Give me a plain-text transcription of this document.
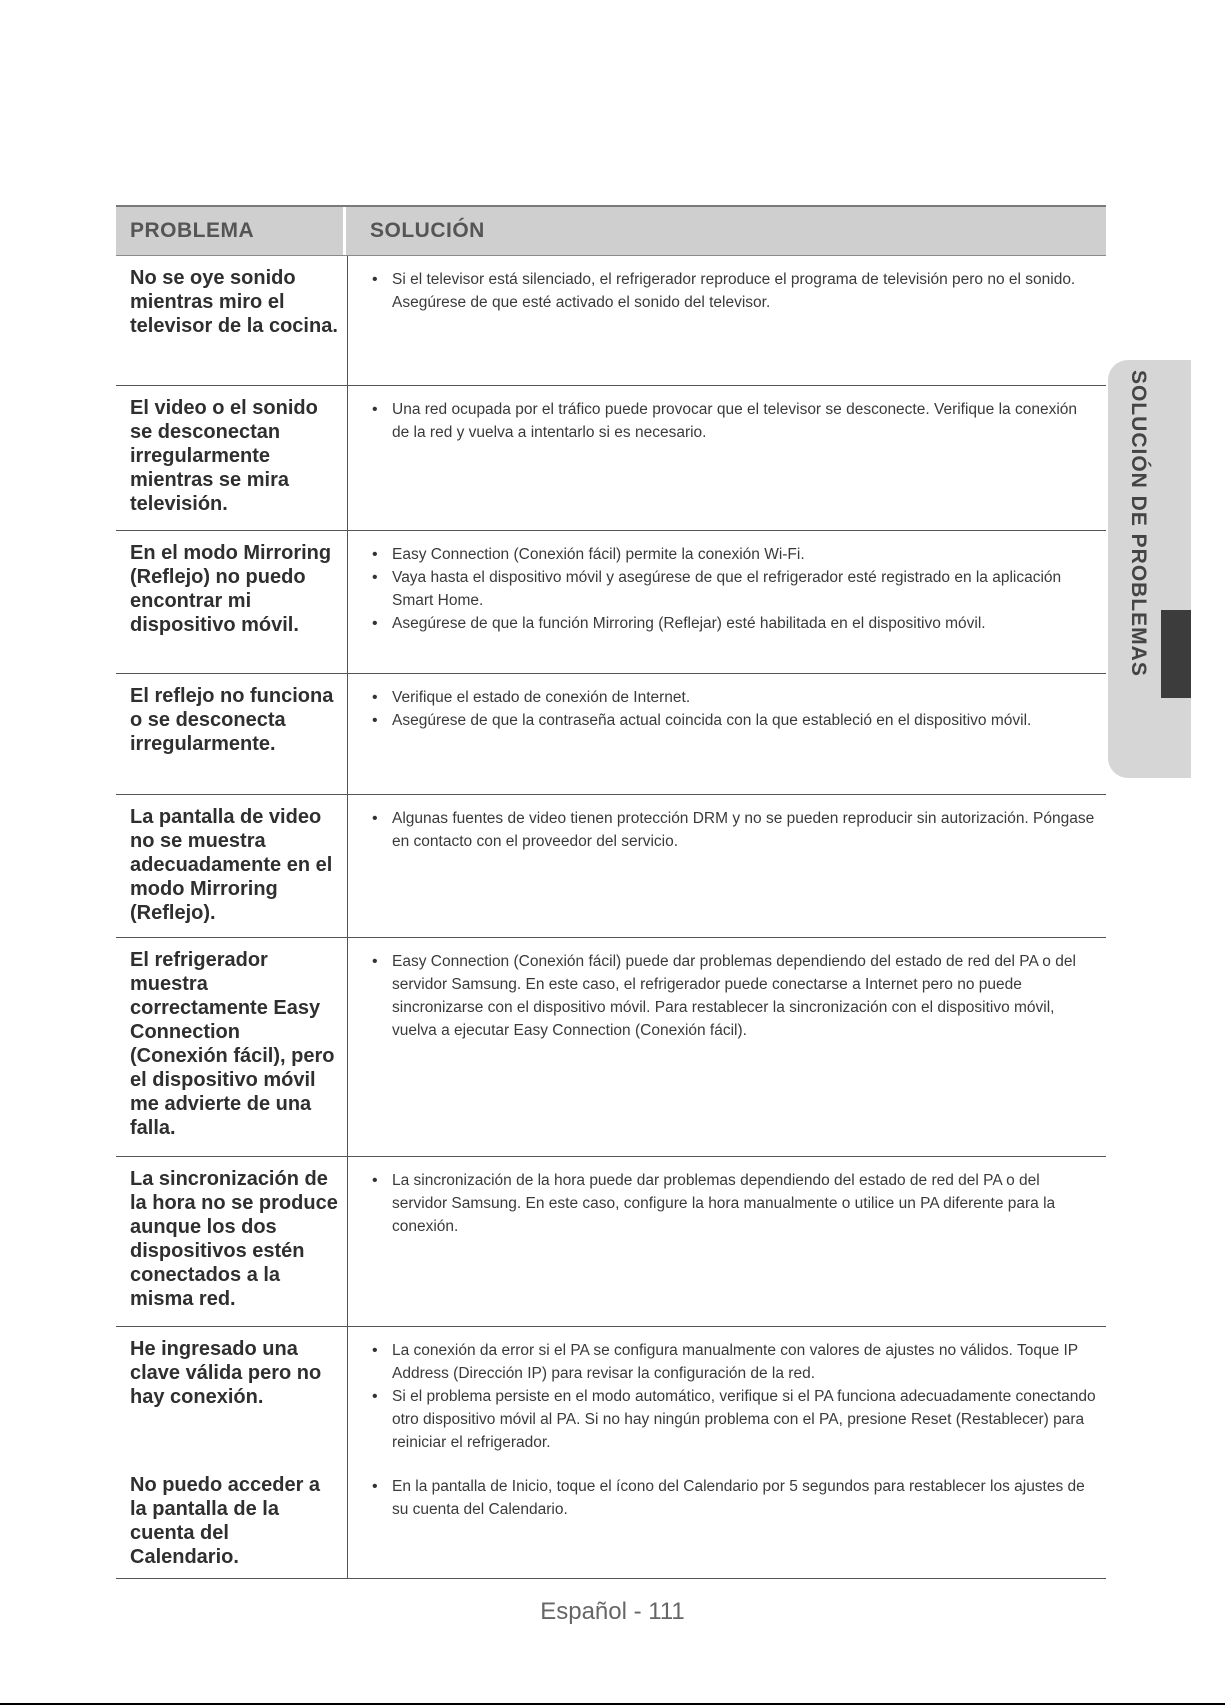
PROBLEMA	SOLUCIÓN
No se oye sonido mientras miro el televisor de la cocina.
• Si el televisor está silenciado, el refrigerador reproduce el programa de televisión pero no el sonido. Asegúrese de que esté activado el sonido del televisor.
El video o el sonido se desconectan irregularmente mientras se mira televisión.
• Una red ocupada por el tráfico puede provocar que el televisor se desconecte. Verifique la conexión de la red y vuelva a intentarlo si es necesario.
En el modo Mirroring (Reflejo) no puedo encontrar mi dispositivo móvil.
• Easy Connection (Conexión fácil) permite la conexión Wi-Fi.
• Vaya hasta el dispositivo móvil y asegúrese de que el refrigerador esté registrado en la aplicación Smart Home.
• Asegúrese de que la función Mirroring (Reflejar) esté habilitada en el dispositivo móvil.
El reflejo no funciona o se desconecta irregularmente.
• Verifique el estado de conexión de Internet.
• Asegúrese de que la contraseña actual coincida con la que estableció en el dispositivo móvil.
La pantalla de video no se muestra adecuadamente en el modo Mirroring (Reflejo).
• Algunas fuentes de video tienen protección DRM y no se pueden reproducir sin autorización. Póngase en contacto con el proveedor del servicio.
El refrigerador muestra correctamente Easy Connection (Conexión fácil), pero el dispositivo móvil me advierte de una falla.
• Easy Connection (Conexión fácil) puede dar problemas dependiendo del estado de red del PA o del servidor Samsung. En este caso, el refrigerador puede conectarse a Internet pero no puede sincronizarse con el dispositivo móvil. Para restablecer la sincronización con el dispositivo móvil, vuelva a ejecutar Easy Connection (Conexión fácil).
La sincronización de la hora no se produce aunque los dos dispositivos estén conectados a la misma red.
• La sincronización de la hora puede dar problemas dependiendo del estado de red del PA o del servidor Samsung. En este caso, configure la hora manualmente o utilice un PA diferente para la conexión.
He ingresado una clave válida pero no hay conexión.
• La conexión da error si el PA se configura manualmente con valores de ajustes no válidos. Toque IP Address (Dirección IP) para revisar la configuración de la red.
• Si el problema persiste en el modo automático, verifique si el PA funciona adecuadamente conectando otro dispositivo móvil al PA. Si no hay ningún problema con el PA, presione Reset (Restablecer) para reiniciar el refrigerador.
No puedo acceder a la pantalla de la cuenta del Calendario.
• En la pantalla de Inicio, toque el ícono del Calendario por 5 segundos para restablecer los ajustes de su cuenta del Calendario.
SOLUCIÓN DE PROBLEMAS
Español - 111
